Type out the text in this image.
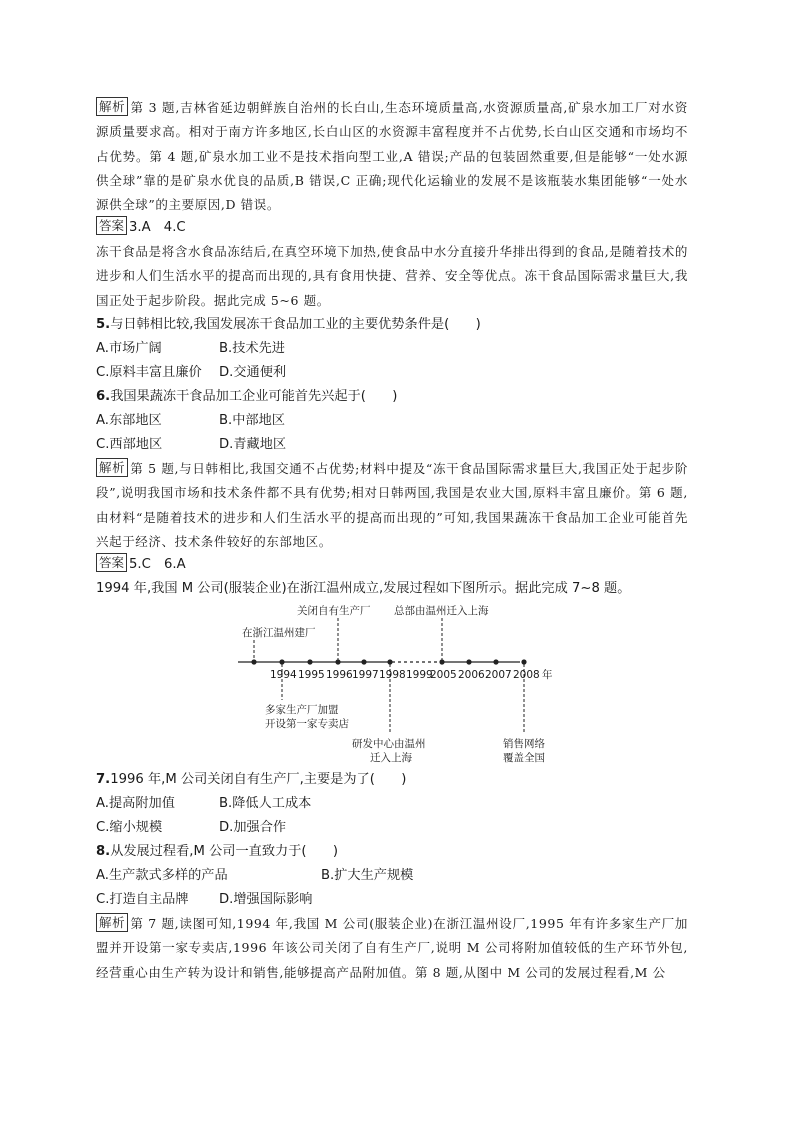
解析 第 3 题,吉林省延边朝鲜族自治州的长白山,生态环境质量高,水资源质量高,矿泉水加工厂对水资源质量要求高。相对于南方许多地区,长白山区的水资源丰富程度并不占优势,长白山区交通和市场均不占优势。第 4 题,矿泉水加工业不是技术指向型工业,A 错误;产品的包装固然重要,但是能够“一处水源供全球”靠的是矿泉水优良的品质,B 错误,C 正确;现代化运输业的发展不是该瓶装水集团能够“一处水源供全球”的主要原因,D 错误。
答案 3.A　4.C
冻干食品是将含水食品冻结后,在真空环境下加热,使食品中水分直接升华排出得到的食品,是随着技术的进步和人们生活水平的提高而出现的,具有食用快捷、营养、安全等优点。冻干食品国际需求量巨大,我国正处于起步阶段。据此完成 5~6 题。
5.与日韩相比较,我国发展冻干食品加工业的主要优势条件是(　　)
A.市场广阔	B.技术先进
C.原料丰富且廉价 D.交通便利
6.我国果蔬冻干食品加工企业可能首先兴起于(　　)
A.东部地区	B.中部地区
C.西部地区	D.青藏地区
解析 第 5 题,与日韩相比,我国交通不占优势;材料中提及“冻干食品国际需求量巨大,我国正处于起步阶段”,说明我国市场和技术条件都不具有优势;相对日韩两国,我国是农业大国,原料丰富且廉价。第 6 题,由材料“是随着技术的进步和人们生活水平的提高而出现的”可知,我国果蔬冻干食品加工企业可能首先兴起于经济、技术条件较好的东部地区。
答案 5.C　6.A
1994 年,我国 M 公司(服装企业)在浙江温州成立,发展过程如下图所示。据此完成 7~8 题。
在浙江温州建厂
关闭自有生产厂 总部由温州迁入上海
1994 1995 1996 1997 1998 1999
2005 2006 2007 2008 年
多家生产厂加盟
开设第一家专卖店
研发中心由温州
迁入上海
销售网络
覆盖全国
7.1996 年,M 公司关闭自有生产厂,主要是为了(　　)
A.提高附加值	B.降低人工成本
C.缩小规模	D.加强合作
8.从发展过程看,M 公司一直致力于(　　)
A.生产款式多样的产品	B.扩大生产规模
C.打造自主品牌 D.增强国际影响
解析 第 7 题,读图可知,1994 年,我国 M 公司(服装企业)在浙江温州设厂,1995 年有许多家生产厂加盟并开设第一家专卖店,1996 年该公司关闭了自有生产厂,说明 M 公司将附加值较低的生产环节外包,经营重心由生产转为设计和销售,能够提高产品附加值。第 8 题,从图中 M 公司的发展过程看,M 公
